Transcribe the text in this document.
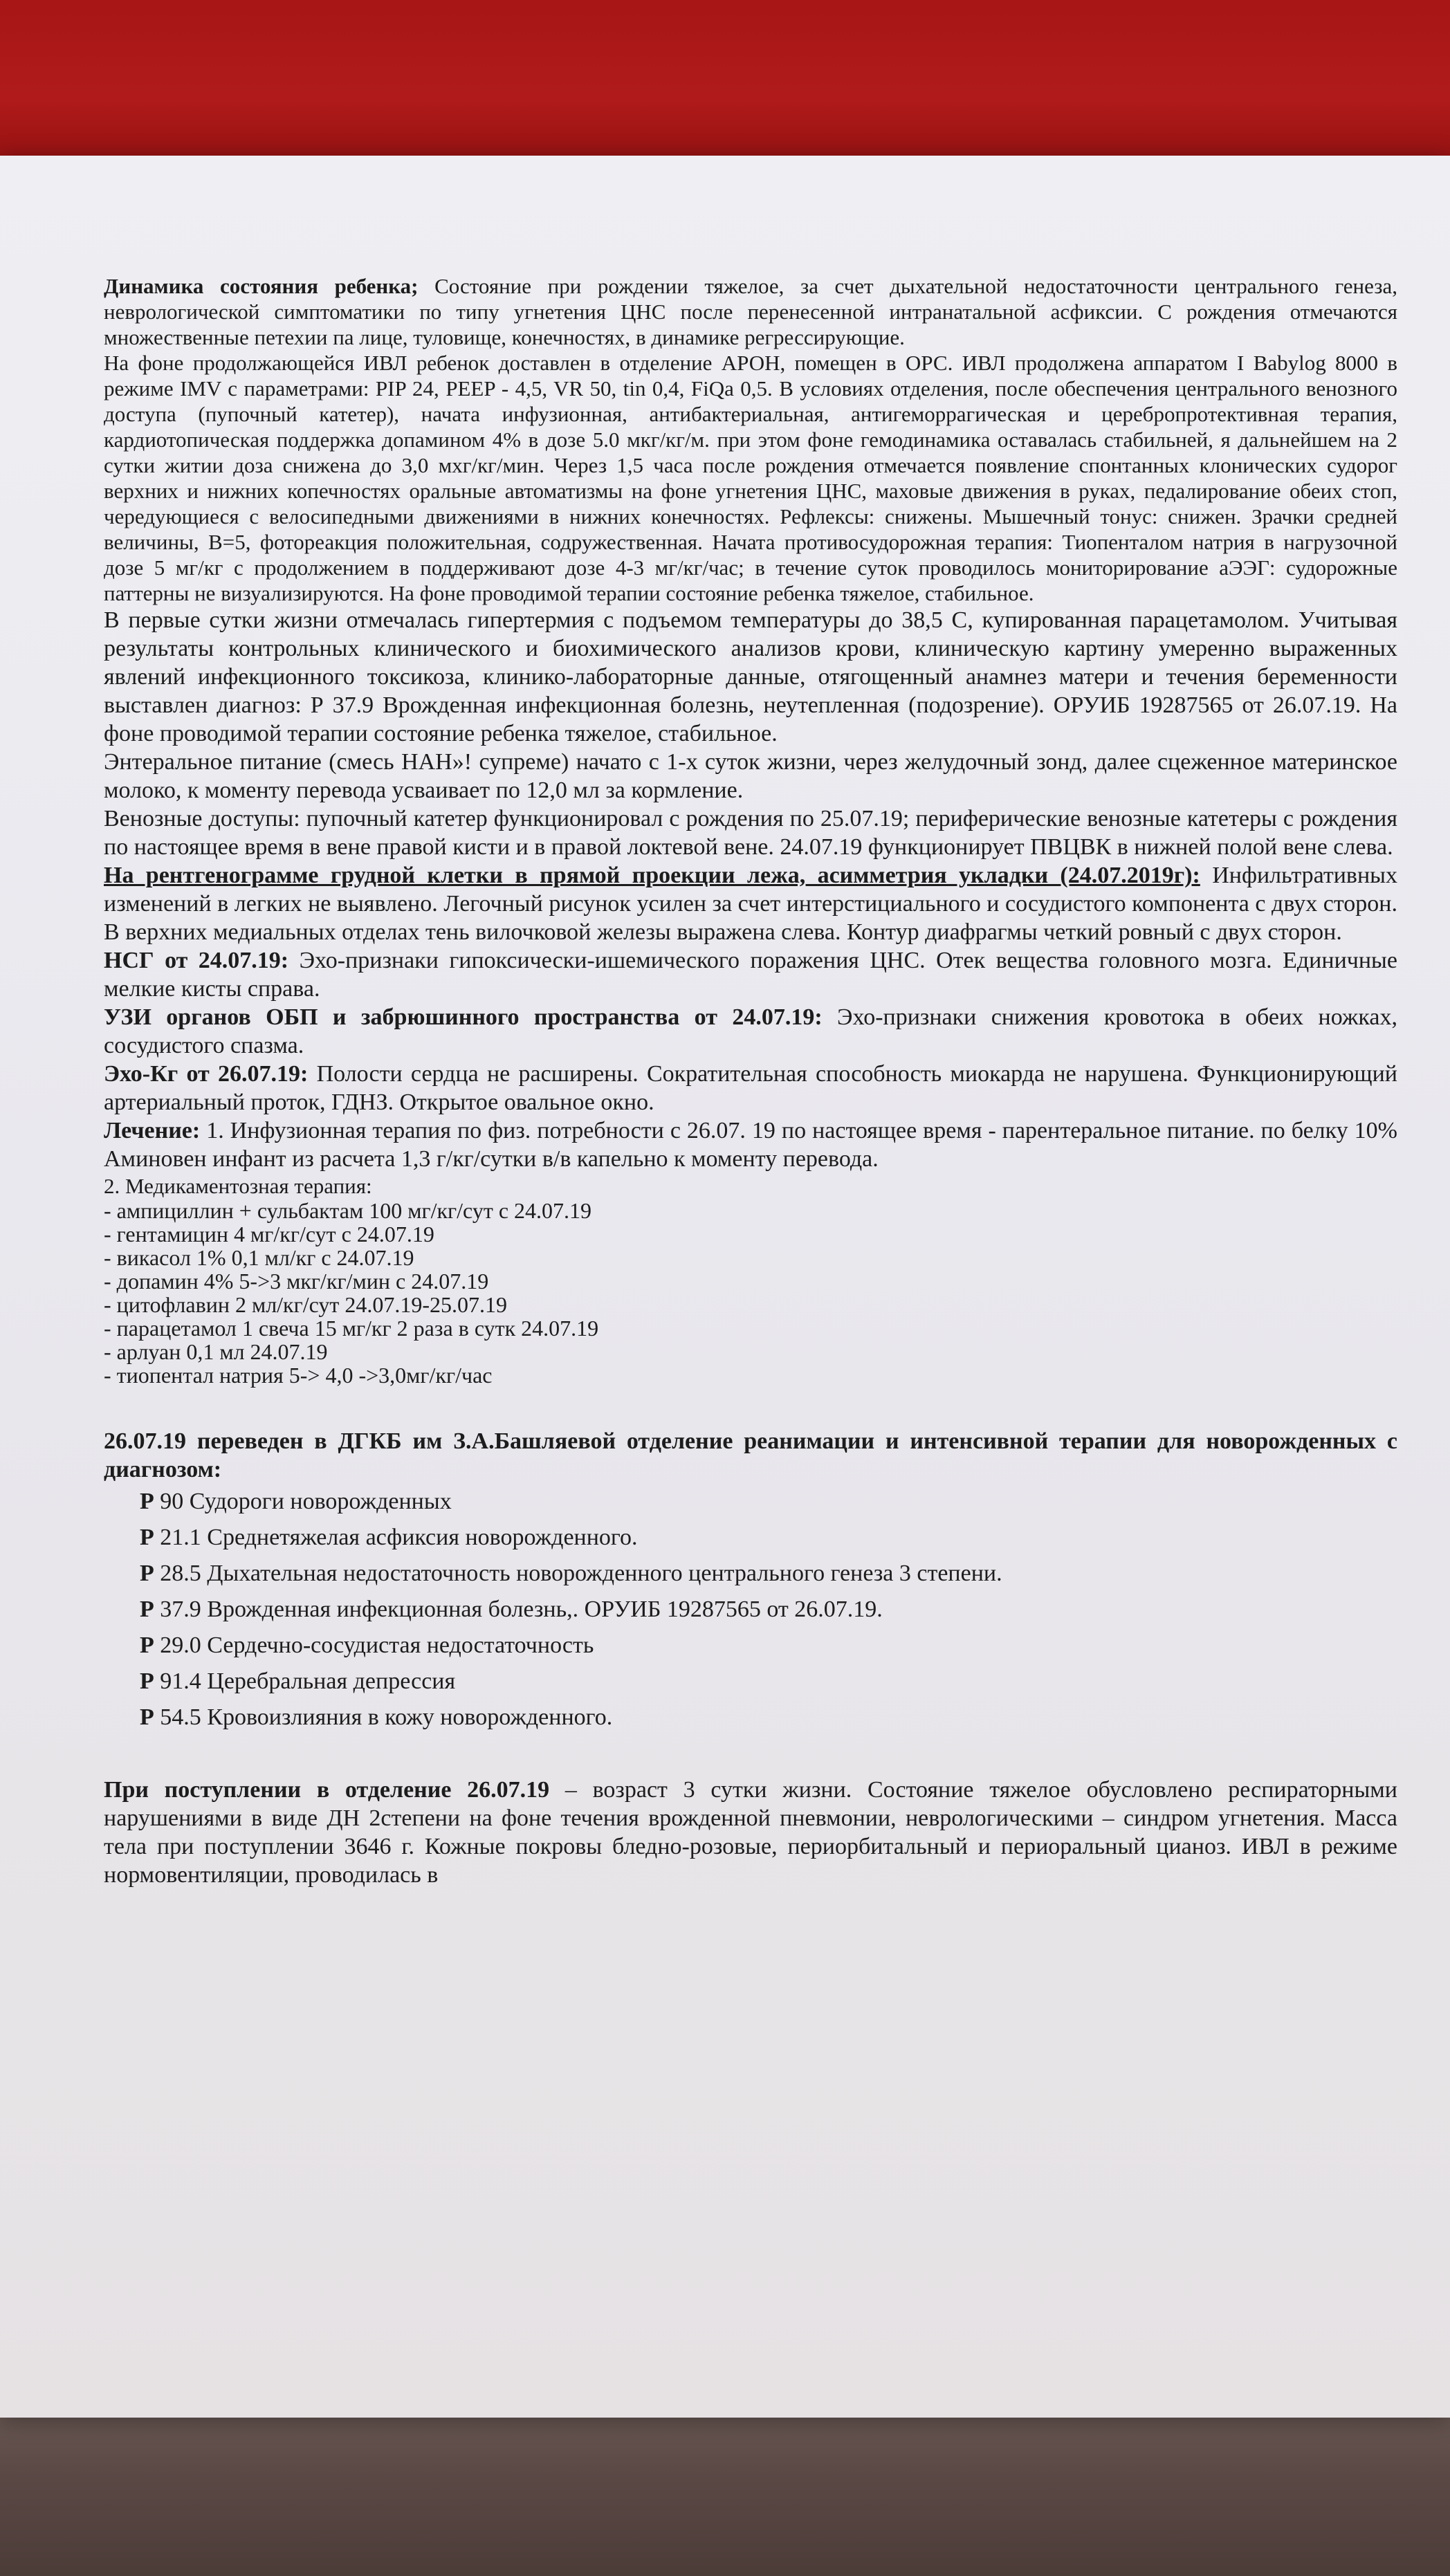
Динамика состояния ребенка; Состояние при рождении тяжелое, за счет дыхательной недостаточности центрального генеза, неврологической симптоматики по типу угнетения ЦНС после перенесенной интранатальной асфиксии. С рождения отмечаются множественные петехии па лице, туловище, конечностях, в динамике регрессирующие.

На фоне продолжающейся ИВЛ ребенок доставлен в отделение АРОН, помещен в ОРС. ИВЛ продолжена аппаратом I Babylog 8000 в режиме IMV с параметрами: PIP 24, PEEP - 4,5, VR 50, tin 0,4, FiQa 0,5. В условиях отделения, после обеспечения центрального венозного доступа (пупочный катетер), начата инфузионная, антибактериальная, антигеморрагическая и церебропротективная терапия, кардиотопическая поддержка допамином 4% в дозе 5.0 мкг/кг/м. при этом фоне гемодинамика оставалась стабильней, я дальнейшем на 2 сутки житии доза снижена до 3,0 мхг/кг/мин. Через 1,5 часа после рождения отмечается появление спонтанных клонических судорог верхних и нижних копечностях оральные автоматизмы на фоне угнетения ЦНС, маховые движения в руках, педалирование обеих стоп, чередующиеся с велосипедными движениями в нижних конечностях. Рефлексы: снижены. Мышечный тонус: снижен. Зрачки средней величины, В=5, фотореакция положительная, содружественная. Начата противосудорожная терапия: Тиопенталом натрия в нагрузочной дозе 5 мг/кг с продолжением в поддерживают дозе 4-3 мг/кг/час; в течение суток проводилось мониторирование аЭЭГ: судорожные паттерны не визуализируются. На фоне проводимой терапии состояние ребенка тяжелое, стабильное.

В первые сутки жизни отмечалась гипертермия с подъемом температуры до 38,5 С, купированная парацетамолом. Учитывая результаты контрольных клинического и биохимического анализов крови, клиническую картину умеренно выраженных явлений инфекционного токсикоза, клинико-лабораторные данные, отягощенный анамнез матери и течения беременности выставлен диагноз: Р 37.9 Врожденная инфекционная болезнь, неутепленная (подозрение). ОРУИБ 19287565 от 26.07.19. На фоне проводимой терапии состояние ребенка тяжелое, стабильное.

Энтеральное питание (смесь НАН»! супреме) начато с 1-х суток жизни, через желудочный зонд, далее сцеженное материнское молоко, к моменту перевода усваивает по 12,0 мл за кормление.

Венозные доступы: пупочный катетер функционировал с рождения по 25.07.19; периферические венозные катетеры с рождения по настоящее время в вене правой кисти и в правой локтевой вене. 24.07.19 функционирует ПВЦВК в нижней полой вене слева.

На рентгенограмме грудной клетки в прямой проекции лежа, асимметрия укладки (24.07.2019г): Инфильтративных изменений в легких не выявлено. Легочный рисунок усилен за счет интерстициального и сосудистого компонента с двух сторон. В верхних медиальных отделах тень вилочковой железы выражена слева. Контур диафрагмы четкий ровный с двух сторон.

НСГ от 24.07.19: Эхо-признаки гипоксически-ишемического поражения ЦНС. Отек вещества головного мозга. Единичные мелкие кисты справа.

УЗИ органов ОБП и забрюшинного пространства от 24.07.19: Эхо-признаки снижения кровотока в обеих ножках, сосудистого спазма.

Эхо-Кг от 26.07.19: Полости сердца не расширены. Сократительная способность миокарда не нарушена. Функционирующий артериальный проток, ГДНЗ. Открытое овальное окно.

Лечение: 1. Инфузионная терапия по физ. потребности с 26.07. 19 по настоящее время - парентеральное питание. по белку 10% Аминовен инфант из расчета 1,3 г/кг/сутки в/в капельно к моменту перевода.

2. Медикаментозная терапия:

- ампициллин + сульбактам 100 мг/кг/сут с 24.07.19
- гентамицин 4 мг/кг/сут с 24.07.19
- викасол 1% 0,1 мл/кг с 24.07.19
- допамин 4% 5->3 мкг/кг/мин с 24.07.19
- цитофлавин 2 мл/кг/сут 24.07.19-25.07.19
- парацетамол 1 свеча 15 мг/кг 2 раза в сутк 24.07.19
- арлуан 0,1 мл 24.07.19
- тиопентал натрия 5-> 4,0 ->3,0мг/кг/час

26.07.19 переведен в ДГКБ им З.А.Башляевой отделение реанимации и интенсивной терапии для новорожденных с диагнозом:

Р 90 Судороги новорожденных
Р 21.1 Среднетяжелая асфиксия новорожденного.
Р 28.5 Дыхательная недостаточность новорожденного центрального генеза 3 степени.
Р 37.9 Врожденная инфекционная болезнь,. ОРУИБ 19287565 от 26.07.19.
Р 29.0 Сердечно-сосудистая недостаточность
Р 91.4 Церебральная депрессия
Р 54.5 Кровоизлияния в кожу новорожденного.

При поступлении в отделение 26.07.19 – возраст 3 сутки жизни. Состояние тяжелое обусловлено респираторными нарушениями в виде ДН 2степени на фоне течения врожденной пневмонии, неврологическими – синдром угнетения. Масса тела при поступлении 3646 г. Кожные покровы бледно-розовые, периорбитальный и периоральный цианоз. ИВЛ в режиме нормовентиляции, проводилась в
